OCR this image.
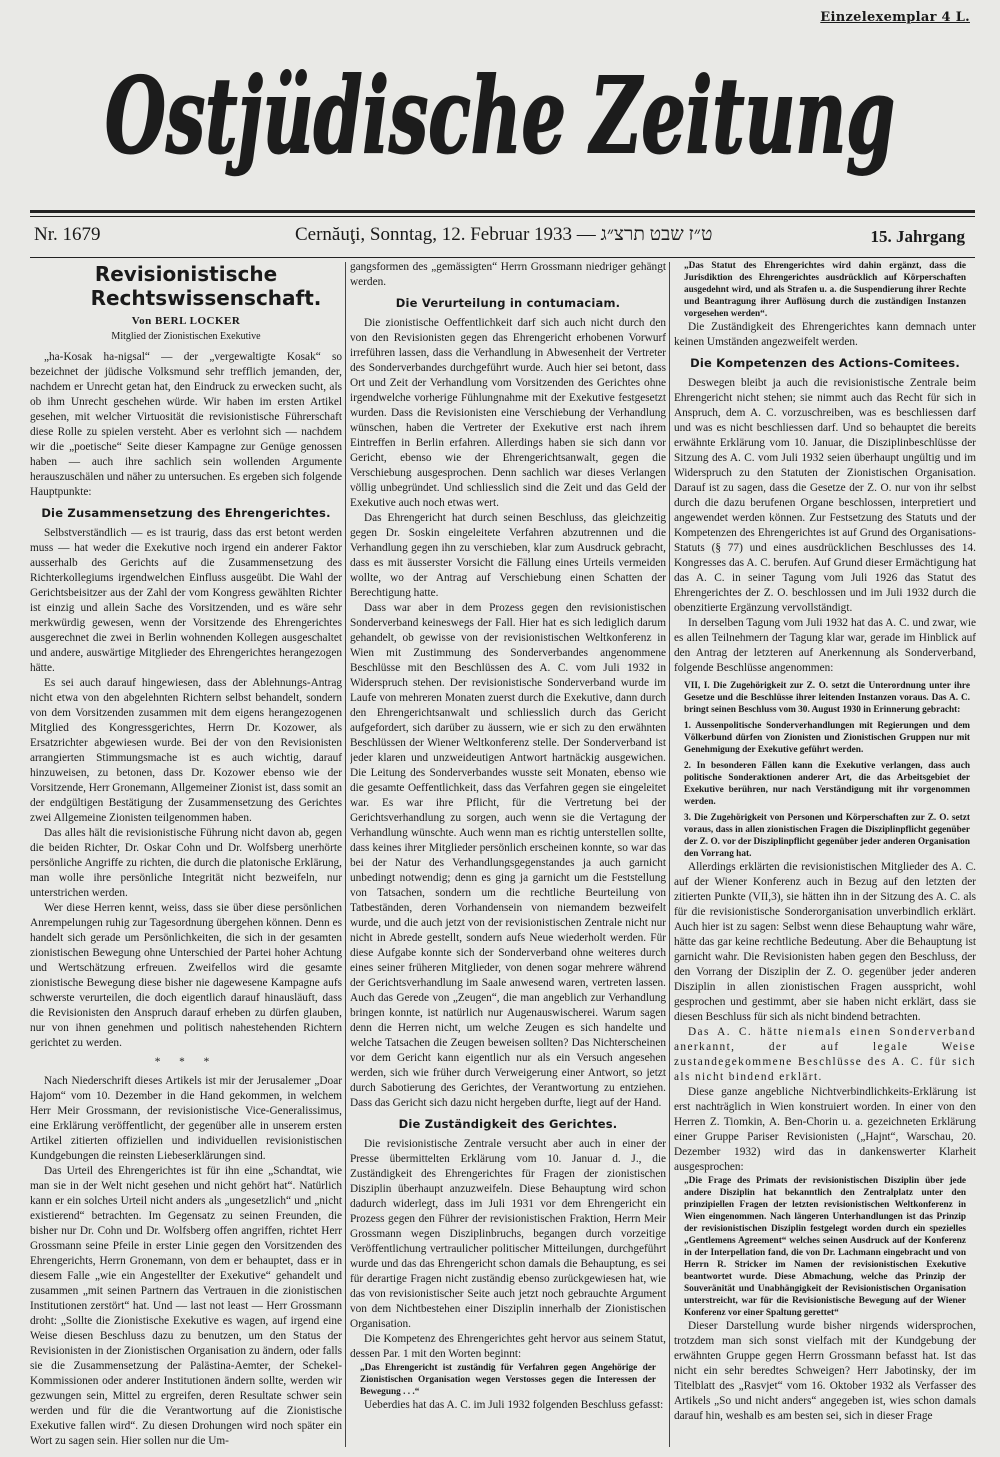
Einzelexemplar 4 L.
Ostjüdische Zeitung
Nr. 1679	Cernăuţi, Sonntag, 12. Februar 1933 — ט״ז שבט תרצ״ג	15. Jahrgang
Revisionistische
Rechtswissenschaft.
Von BERL LOCKER
Mitglied der Zionistischen Exekutive

„ha-Kosak ha-nigsal“ — der „vergewaltigte Kosak“ so bezeichnet der jüdische Volksmund sehr trefflich jemanden, der, nachdem er Unrecht getan hat, den Eindruck zu erwecken sucht, als ob ihm Unrecht geschehen würde. Wir haben im ersten Artikel gesehen, mit welcher Virtuosität die revisionistische Führerschaft diese Rolle zu spielen versteht. Aber es verlohnt sich — nachdem wir die „poetische“ Seite dieser Kampagne zur Genüge genossen haben — auch ihre sachlich sein wollenden Argumente herauszuschälen und näher zu untersuchen. Es ergeben sich folgende Hauptpunkte:

Die Zusammensetzung des Ehrengerichtes.

Selbstverständlich — es ist traurig, dass das erst betont werden muss — hat weder die Exekutive noch irgend ein anderer Faktor ausserhalb des Gerichts auf die Zusammensetzung des Richterkollegiums irgendwelchen Einfluss ausgeübt. Die Wahl der Gerichtsbeisitzer aus der Zahl der vom Kongress gewählten Richter ist einzig und allein Sache des Vorsitzenden, und es wäre sehr merkwürdig gewesen, wenn der Vorsitzende des Ehrengerichtes ausgerechnet die zwei in Berlin wohnenden Kollegen ausgeschaltet und andere, auswärtige Mitglieder des Ehrengerichtes herangezogen hätte.

Es sei auch darauf hingewiesen, dass der Ablehnungs-Antrag nicht etwa von den abgelehnten Richtern selbst behandelt, sondern von dem Vorsitzenden zusammen mit dem eigens herangezogenen Mitglied des Kongressgerichtes, Herrn Dr. Kozower, als Ersatzrichter abgewiesen wurde. Bei der von den Revisionisten arrangierten Stimmungsmache ist es auch wichtig, darauf hinzuweisen, zu betonen, dass Dr. Kozower ebenso wie der Vorsitzende, Herr Gronemann, Allgemeiner Zionist ist, dass somit an der endgültigen Bestätigung der Zusammensetzung des Gerichtes zwei Allgemeine Zionisten teilgenommen haben.

Das alles hält die revisionistische Führung nicht davon ab, gegen die beiden Richter, Dr. Oskar Cohn und Dr. Wolfsberg unerhörte persönliche Angriffe zu richten, die durch die platonische Erklärung, man wolle ihre persönliche Integrität nicht bezweifeln, nur unterstrichen werden.

Wer diese Herren kennt, weiss, dass sie über diese persönlichen Anrempelungen ruhig zur Tagesordnung übergehen können. Denn es handelt sich gerade um Persönlichkeiten, die sich in der gesamten zionistischen Bewegung ohne Unterschied der Partei hoher Achtung und Wertschätzung erfreuen. Zweifellos wird die gesamte zionistische Bewegung diese bisher nie dagewesene Kampagne aufs schwerste verurteilen, die doch eigentlich darauf hinausläuft, dass die Revisionisten den Anspruch darauf erheben zu dürfen glauben, nur von ihnen genehmen und politisch nahestehenden Richtern gerichtet zu werden.

* * *

Nach Niederschrift dieses Artikels ist mir der Jerusalemer „Doar Hajom“ vom 10. Dezember in die Hand gekommen, in welchem Herr Meir Grossmann, der revisionistische Vice-Generalissimus, eine Erklärung veröffentlicht, der gegenüber alle in unserem ersten Artikel zitierten offiziellen und individuellen revisionistischen Kundgebungen die reinsten Liebeserklärungen sind.

Das Urteil des Ehrengerichtes ist für ihn eine „Schandtat, wie man sie in der Welt nicht gesehen und nicht gehört hat“. Natürlich kann er ein solches Urteil nicht anders als „ungesetzlich“ und „nicht existierend“ betrachten. Im Gegensatz zu seinen Freunden, die bisher nur Dr. Cohn und Dr. Wolfsberg offen angriffen, richtet Herr Grossmann seine Pfeile in erster Linie gegen den Vorsitzenden des Ehrengerichts, Herrn Gronemann, von dem er behauptet, dass er in diesem Falle „wie ein Angestellter der Exekutive“ gehandelt und zusammen „mit seinen Partnern das Vertrauen in die zionistischen Institutionen zerstört“ hat. Und — last not least — Herr Grossmann droht: „Sollte die Zionistische Exekutive es wagen, auf irgend eine Weise diesen Beschluss dazu zu benutzen, um den Status der Revisionisten in der Zionistischen Organisation zu ändern, oder falls sie die Zusammensetzung der Palästina-Aemter, der Schekel-Kommissionen oder anderer Institutionen ändern sollte, werden wir gezwungen sein, Mittel zu ergreifen, deren Resultate schwer sein werden und für die die Verantwortung auf die Zionistische Exekutive fallen wird“. Zu diesen Drohungen wird noch später ein Wort zu sagen sein. Hier sollen nur die Um-

gangsformen des „gemässigten“ Herrn Grossmann niedriger gehängt werden.

Die Verurteilung in contumaciam.

Die zionistische Oeffentlichkeit darf sich auch nicht durch den von den Revisionisten gegen das Ehrengericht erhobenen Vorwurf irreführen lassen, dass die Verhandlung in Abwesenheit der Vertreter des Sonderverbandes durchgeführt wurde. Auch hier sei betont, dass Ort und Zeit der Verhandlung vom Vorsitzenden des Gerichtes ohne irgendwelche vorherige Fühlungnahme mit der Exekutive festgesetzt wurden. Dass die Revisionisten eine Verschiebung der Verhandlung wünschen, haben die Vertreter der Exekutive erst nach ihrem Eintreffen in Berlin erfahren. Allerdings haben sie sich dann vor Gericht, ebenso wie der Ehrengerichtsanwalt, gegen die Verschiebung ausgesprochen. Denn sachlich war dieses Verlangen völlig unbegründet. Und schliesslich sind die Zeit und das Geld der Exekutive auch noch etwas wert.

Das Ehrengericht hat durch seinen Beschluss, das gleichzeitig gegen Dr. Soskin eingeleitete Verfahren abzutrennen und die Verhandlung gegen ihn zu verschieben, klar zum Ausdruck gebracht, dass es mit äusserster Vorsicht die Fällung eines Urteils vermeiden wollte, wo der Antrag auf Verschiebung einen Schatten der Berechtigung hatte.

Dass war aber in dem Prozess gegen den revisionistischen Sonderverband keineswegs der Fall. Hier hat es sich lediglich darum gehandelt, ob gewisse von der revisionistischen Weltkonferenz in Wien mit Zustimmung des Sonderverbandes angenommene Beschlüsse mit den Beschlüssen des A. C. vom Juli 1932 in Widerspruch stehen. Der revisionistische Sonderverband wurde im Laufe von mehreren Monaten zuerst durch die Exekutive, dann durch den Ehrengerichtsanwalt und schliesslich durch das Gericht aufgefordert, sich darüber zu äussern, wie er sich zu den erwähnten Beschlüssen der Wiener Weltkonferenz stelle. Der Sonderverband ist jeder klaren und unzweideutigen Antwort hartnäckig ausgewichen. Die Leitung des Sonderverbandes wusste seit Monaten, ebenso wie die gesamte Oeffentlichkeit, dass das Verfahren gegen sie eingeleitet war. Es war ihre Pflicht, für die Vertretung bei der Gerichtsverhandlung zu sorgen, auch wenn sie die Vertagung der Verhandlung wünschte. Auch wenn man es richtig unterstellen sollte, dass keines ihrer Mitglieder persönlich erscheinen konnte, so war das bei der Natur des Verhandlungsgegenstandes ja auch garnicht unbedingt notwendig; denn es ging ja garnicht um die Feststellung von Tatsachen, sondern um die rechtliche Beurteilung von Tatbeständen, deren Vorhandensein von niemandem bezweifelt wurde, und die auch jetzt von der revisionistischen Zentrale nicht nur nicht in Abrede gestellt, sondern aufs Neue wiederholt werden. Für diese Aufgabe konnte sich der Sonderverband ohne weiteres durch eines seiner früheren Mitglieder, von denen sogar mehrere während der Gerichtsverhandlung im Saale anwesend waren, vertreten lassen. Auch das Gerede von „Zeugen“, die man angeblich zur Verhandlung bringen konnte, ist natürlich nur Augenauswischerei. Warum sagen denn die Herren nicht, um welche Zeugen es sich handelte und welche Tatsachen die Zeugen beweisen sollten? Das Nichterscheinen vor dem Gericht kann eigentlich nur als ein Versuch angesehen werden, sich wie früher durch Verweigerung einer Antwort, so jetzt durch Sabotierung des Gerichtes, der Verantwortung zu entziehen. Dass das Gericht sich dazu nicht hergeben durfte, liegt auf der Hand.

Die Zuständigkeit des Gerichtes.

Die revisionistische Zentrale versucht aber auch in einer der Presse übermittelten Erklärung vom 10. Januar d. J., die Zuständigkeit des Ehrengerichtes für Fragen der zionistischen Disziplin überhaupt anzuzweifeln. Diese Behauptung wird schon dadurch widerlegt, dass im Juli 1931 vor dem Ehrengericht ein Prozess gegen den Führer der revisionistischen Fraktion, Herrn Meir Grossmann wegen Disziplinbruchs, begangen durch vorzeitige Veröffentlichung vertraulicher politischer Mitteilungen, durchgeführt wurde und das das Ehrengericht schon damals die Behauptung, es sei für derartige Fragen nicht zuständig ebenso zurückgewiesen hat, wie das von revisionistischer Seite auch jetzt noch gebrauchte Argument von dem Nichtbestehen einer Disziplin innerhalb der Zionistischen Organisation.

Die Kompetenz des Ehrengerichtes geht hervor aus seinem Statut, dessen Par. 1 mit den Worten beginnt:

„Das Ehrengericht ist zuständig für Verfahren gegen Angehörige der Zionistischen Organisation wegen Verstosses gegen die Interessen der Bewegung . . .“

Ueberdies hat das A. C. im Juli 1932 folgenden Beschluss gefasst:

„Das Statut des Ehrengerichtes wird dahin ergänzt, dass die Jurisdiktion des Ehrengerichtes ausdrücklich auf Körperschaften ausgedehnt wird, und als Strafen u. a. die Suspendierung ihrer Rechte und Beantragung ihrer Auflösung durch die zuständigen Instanzen vorgesehen werden“.

Die Zuständigkeit des Ehrengerichtes kann demnach unter keinen Umständen angezweifelt werden.

Die Kompetenzen des Actions-Comitees.

Deswegen bleibt ja auch die revisionistische Zentrale beim Ehrengericht nicht stehen; sie nimmt auch das Recht für sich in Anspruch, dem A. C. vorzuschreiben, was es beschliessen darf und was es nicht beschliessen darf. Und so behauptet die bereits erwähnte Erklärung vom 10. Januar, die Disziplinbeschlüsse der Sitzung des A. C. vom Juli 1932 seien überhaupt ungültig und im Widerspruch zu den Statuten der Zionistischen Organisation. Darauf ist zu sagen, dass die Gesetze der Z. O. nur von ihr selbst durch die dazu berufenen Organe beschlossen, interpretiert und angewendet werden können. Zur Festsetzung des Statuts und der Kompetenzen des Ehrengerichtes ist auf Grund des Organisations-Statuts (§ 77) und eines ausdrücklichen Beschlusses des 14. Kongresses das A. C. berufen. Auf Grund dieser Ermächtigung hat das A. C. in seiner Tagung vom Juli 1926 das Statut des Ehrengerichtes der Z. O. beschlossen und im Juli 1932 durch die obenzitierte Ergänzung vervollständigt.

In derselben Tagung vom Juli 1932 hat das A. C. und zwar, wie es allen Teilnehmern der Tagung klar war, gerade im Hinblick auf den Antrag der letzteren auf Anerkennung als Sonderverband, folgende Beschlüsse angenommen:

VII, I. Die Zugehörigkeit zur Z. O. setzt die Unterordnung unter ihre Gesetze und die Beschlüsse ihrer leitenden Instanzen voraus. Das A. C. bringt seinen Beschluss vom 30. August 1930 in Erinnerung gebracht:

1. Aussenpolitische Sonderverhandlungen mit Regierungen und dem Völkerbund dürfen von Zionisten und Zionistischen Gruppen nur mit Genehmigung der Exekutive geführt werden.

2. In besonderen Fällen kann die Exekutive verlangen, dass auch politische Sonderaktionen anderer Art, die das Arbeitsgebiet der Exekutive berühren, nur nach Verständigung mit ihr vorgenommen werden.

3. Die Zugehörigkeit von Personen und Körperschaften zur Z. O. setzt voraus, dass in allen zionistischen Fragen die Disziplinpflicht gegenüber der Z. O. vor der Disziplinpflicht gegenüber jeder anderen Organisation den Vorrang hat.

Allerdings erklärten die revisionistischen Mitglieder des A. C. auf der Wiener Konferenz auch in Bezug auf den letzten der zitierten Punkte (VII,3), sie hätten ihn in der Sitzung des A. C. als für die revisionistische Sonderorganisation unverbindlich erklärt. Auch hier ist zu sagen: Selbst wenn diese Behauptung wahr wäre, hätte das gar keine rechtliche Bedeutung. Aber die Behauptung ist garnicht wahr. Die Revisionisten haben gegen den Beschluss, der den Vorrang der Disziplin der Z. O. gegenüber jeder anderen Disziplin in allen zionistischen Fragen ausspricht, wohl gesprochen und gestimmt, aber sie haben nicht erklärt, dass sie diesen Beschluss für sich als nicht bindend betrachten.

Das A. C. hätte niemals einen Sonderverband anerkannt, der auf legale Weise zustandegekommene Beschlüsse des A. C. für sich als nicht bindend erklärt.

Diese ganze angebliche Nichtverbindlichkeits-Erklärung ist erst nachträglich in Wien konstruiert worden. In einer von den Herren Z. Tiomkin, A. Ben-Chorin u. a. gezeichneten Erklärung einer Gruppe Pariser Revisionisten („Hajnt“, Warschau, 20. Dezember 1932) wird das in dankenswerter Klarheit ausgesprochen:

„Die Frage des Primats der revisionistischen Disziplin über jede andere Disziplin hat bekanntlich den Zentralplatz unter den prinzipiellen Fragen der letzten revisionistischen Weltkonferenz in Wien eingenommen. Nach längeren Unterhandlungen ist das Prinzip der revisionistischen Disziplin festgelegt worden durch ein spezielles „Gentlemens Agreement“ welches seinen Ausdruck auf der Konferenz in der Interpellation fand, die von Dr. Lachmann eingebracht und von Herrn R. Stricker im Namen der revisionistischen Exekutive beantwortet wurde. Diese Abmachung, welche das Prinzip der Souveränität und Unabhängigkeit der Revisionistischen Organisation unterstreicht, war für die Revisionistische Bewegung auf der Wiener Konferenz vor einer Spaltung gerettet“

Dieser Darstellung wurde bisher nirgends widersprochen, trotzdem man sich sonst vielfach mit der Kundgebung der erwähnten Gruppe gegen Herrn Grossmann befasst hat. Ist das nicht ein sehr beredtes Schweigen? Herr Jabotinsky, der im Titelblatt des „Rasvjet“ vom 16. Oktober 1932 als Verfasser des Artikels „So und nicht anders“ angegeben ist, wies schon damals darauf hin, weshalb es am besten sei, sich in dieser Frage
